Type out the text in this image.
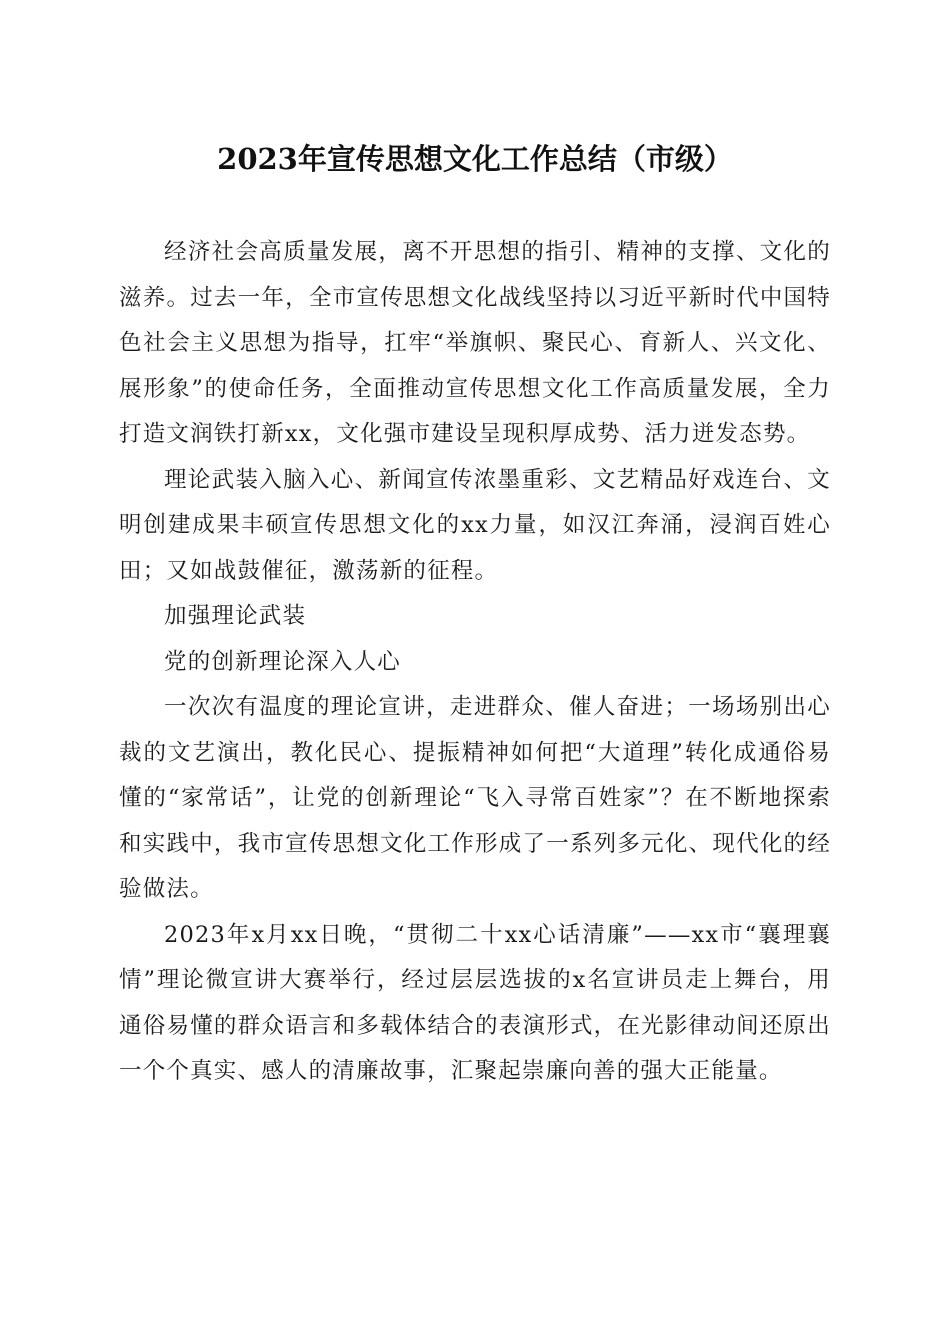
2023年宣传思想文化工作总结（市级）

经济社会高质量发展，离不开思想的指引、精神的支撑、文化的滋养。过去一年，全市宣传思想文化战线坚持以习近平新时代中国特色社会主义思想为指导，扛牢“举旗帜、聚民心、育新人、兴文化、展形象”的使命任务，全面推动宣传思想文化工作高质量发展，全力打造文润铁打新xx，文化强市建设呈现积厚成势、活力迸发态势。

理论武装入脑入心、新闻宣传浓墨重彩、文艺精品好戏连台、文明创建成果丰硕宣传思想文化的xx力量，如汉江奔涌，浸润百姓心田；又如战鼓催征，激荡新的征程。

加强理论武装

党的创新理论深入人心

一次次有温度的理论宣讲，走进群众、催人奋进；一场场别出心裁的文艺演出，教化民心、提振精神如何把“大道理”转化成通俗易懂的“家常话”，让党的创新理论“飞入寻常百姓家”？在不断地探索和实践中，我市宣传思想文化工作形成了一系列多元化、现代化的经验做法。

2023年x月xx日晚，“贯彻二十xx心话清廉”——xx市“襄理襄情”理论微宣讲大赛举行，经过层层选拔的x名宣讲员走上舞台，用通俗易懂的群众语言和多载体结合的表演形式，在光影律动间还原出一个个真实、感人的清廉故事，汇聚起崇廉向善的强大正能量。
